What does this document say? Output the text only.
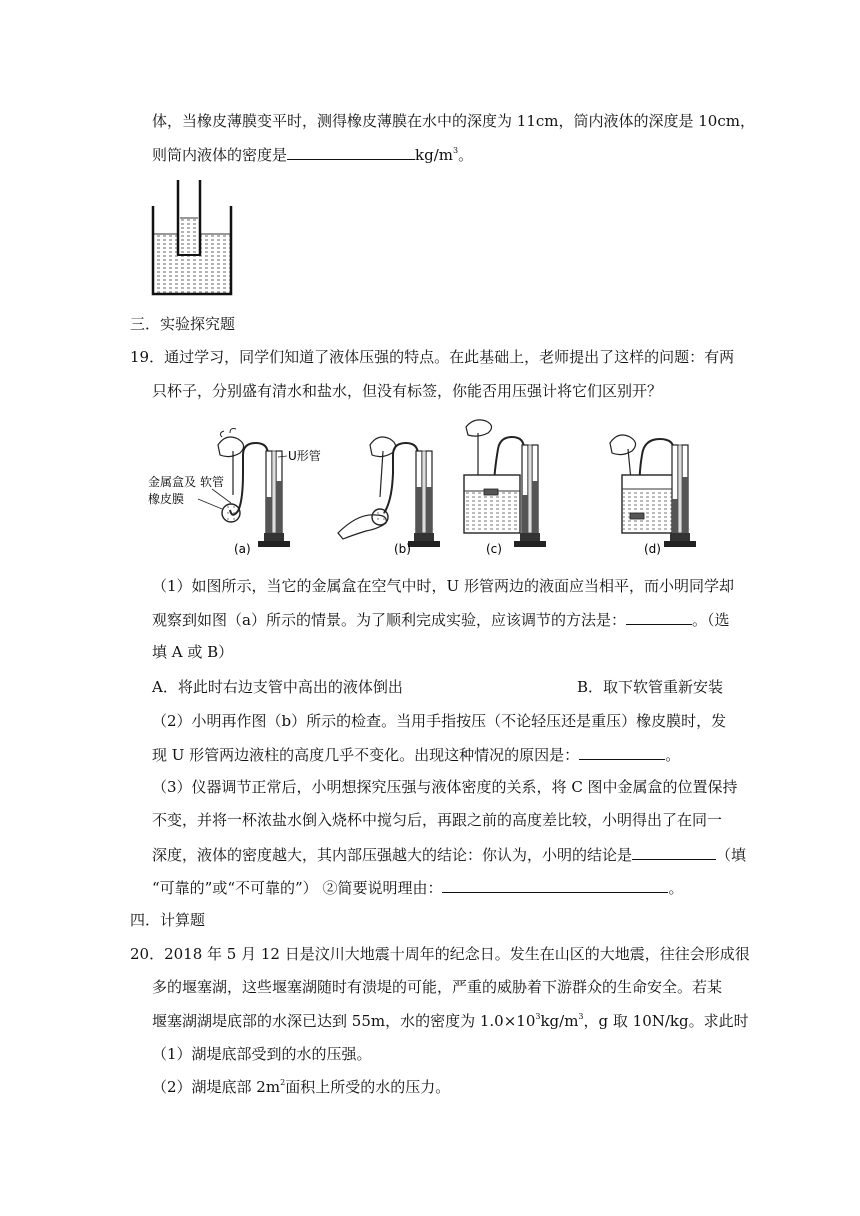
体，当橡皮薄膜变平时，测得橡皮薄膜在水中的深度为 11cm，筒内液体的深度是 10cm，
则筒内液体的密度是	$kg/m^3$。
三．实验探究题
19．通过学习，同学们知道了液体压强的特点。在此基础上，老师提出了这样的问题：有两
只杯子，分别盛有清水和盐水，但没有标签，你能否用压强计将它们区别开？
U形管
软管
金属盒及
橡皮膜
(a)	(b)	(c)	(d)
（1）如图所示，当它的金属盒在空气中时，U 形管两边的液面应当相平，而小明同学却
观察到如图（a）所示的情景。为了顺利完成实验，应该调节的方法是：	。（选
填 A 或 B）
A．将此时右边支管中高出的液体倒出	B．取下软管重新安装
（2）小明再作图（b）所示的检查。当用手指按压（不论轻压还是重压）橡皮膜时，发
现 U 形管两边液柱的高度几乎不变化。出现这种情况的原因是：	。
（3）仪器调节正常后，小明想探究压强与液体密度的关系，将 C 图中金属盒的位置保持
不变，并将一杯浓盐水倒入烧杯中搅匀后，再跟之前的高度差比较，小明得出了在同一
深度，液体的密度越大，其内部压强越大的结论：你认为，小明的结论是	（填
“可靠的”或“不可靠的”） ②简要说明理由：	。
四．计算题
20．2018 年 5 月 12 日是汶川大地震十周年的纪念日。发生在山区的大地震，往往会形成很
多的堰塞湖，这些堰塞湖随时有溃堤的可能，严重的威胁着下游群众的生命安全。若某
堰塞湖湖堤底部的水深已达到 55m，水的密度为 $1.0\times 10^3kg/m^3$，g 取 10N/kg。求此时
（1）湖堤底部受到的水的压强。
（2）湖堤底部 $2m^2$面积上所受的水的压力。
